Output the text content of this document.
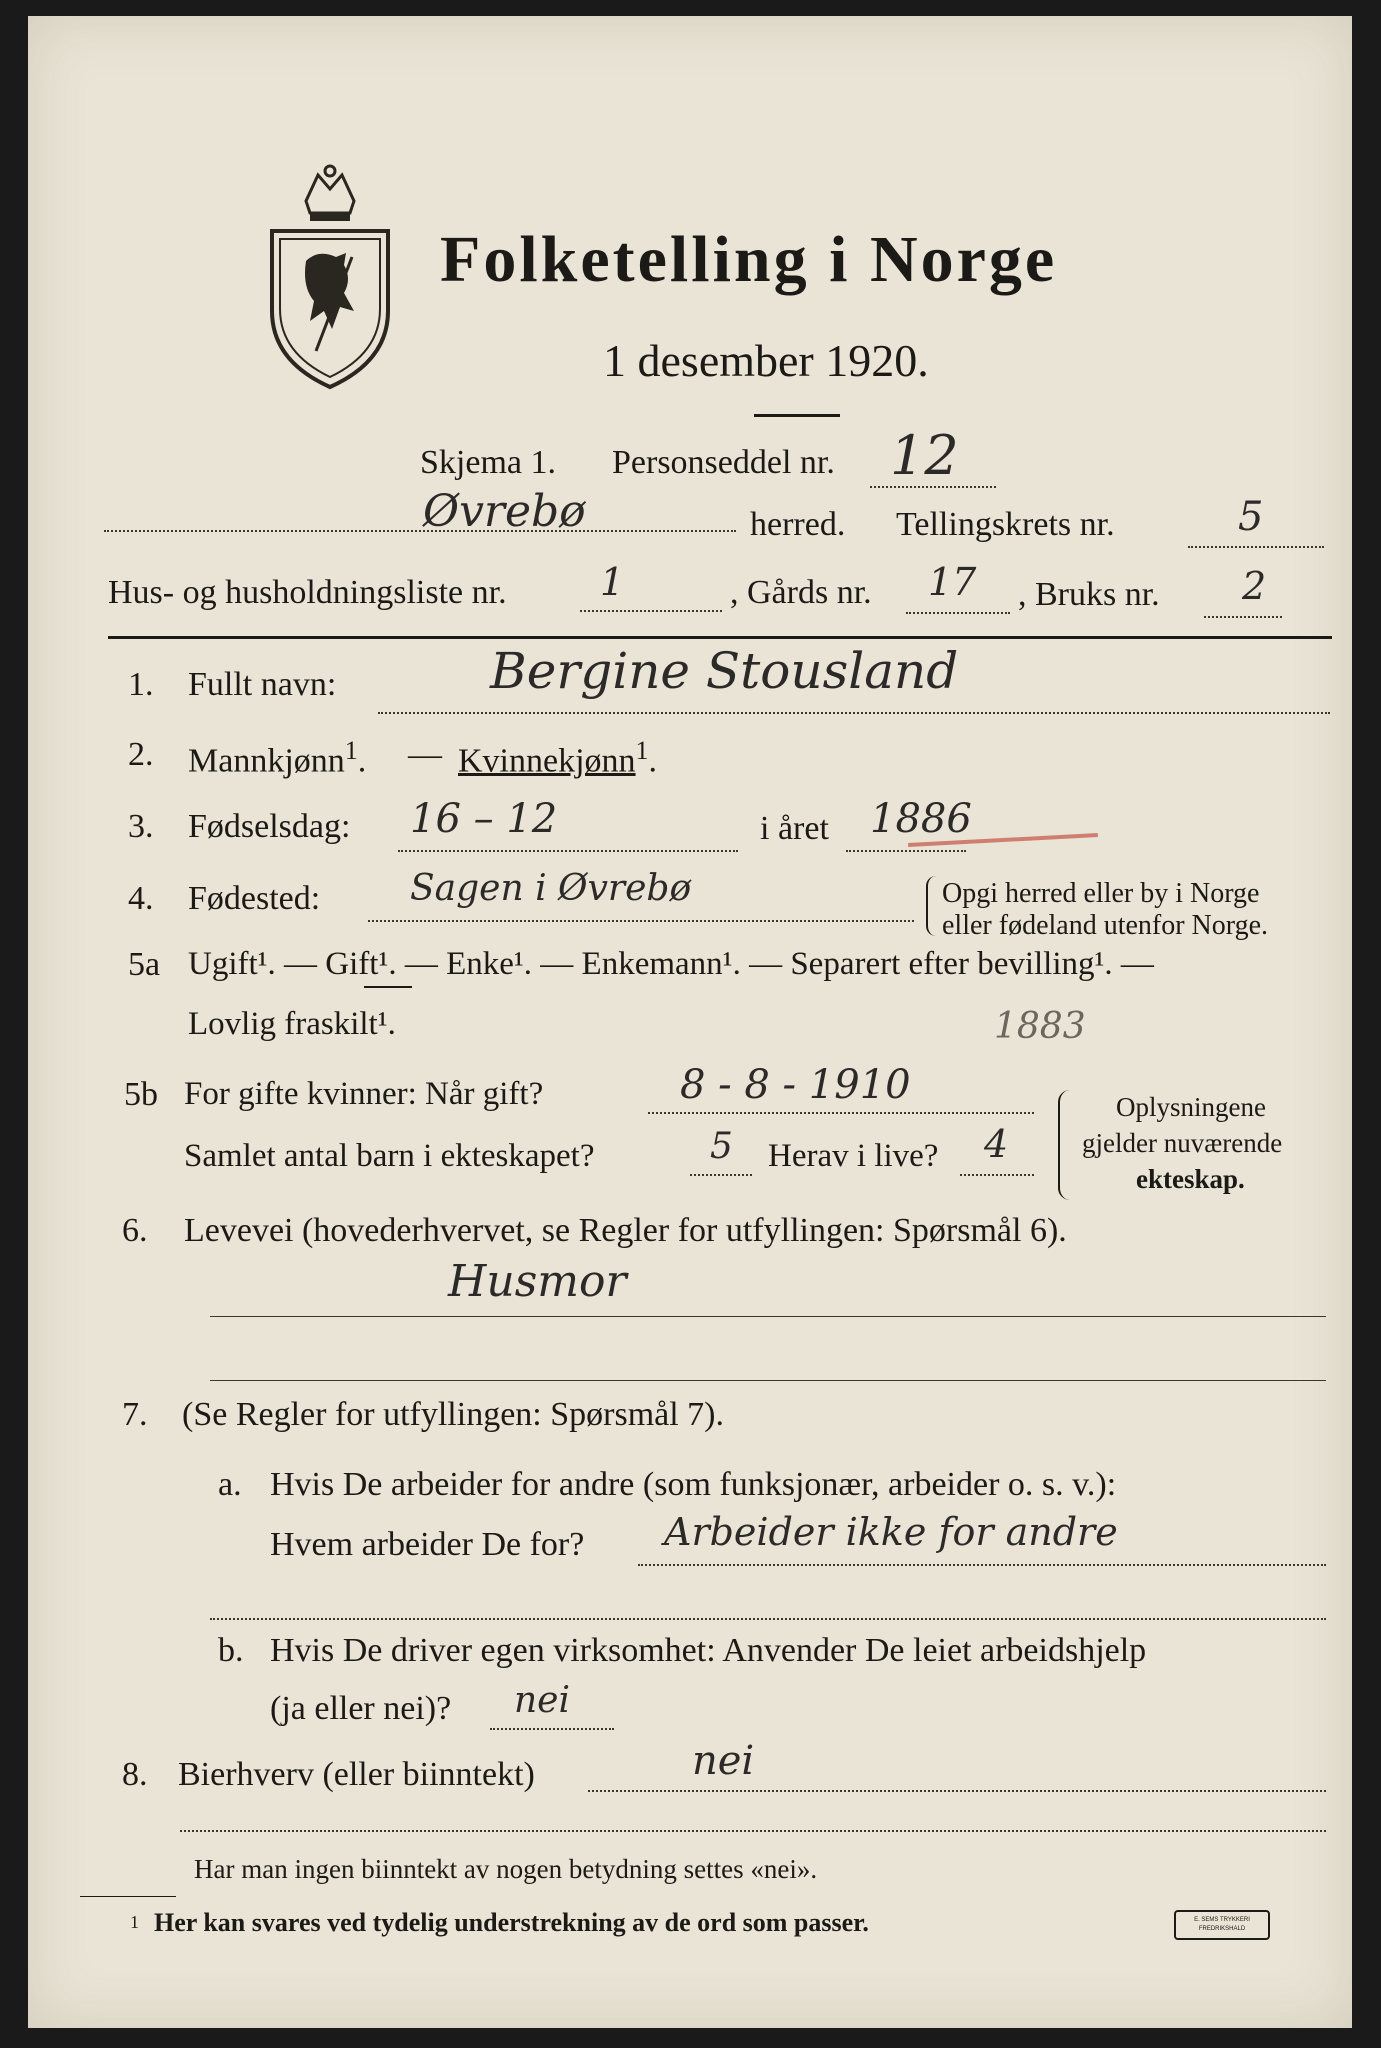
Folketelling i Norge
1 desember 1920.
Skjema 1. Personseddel nr. 12
Øvrebø	herred. Tellingskrets nr.	5
Hus- og husholdningsliste nr. 1	, Gårds nr. 17 , Bruks nr. 2
1. Fullt navn:	Bergine Stousland
2. Mannkjønn$^1$. — Kvinnekjønn$^1$.
3. Fødselsdag: 16 – 12	i året 1886
4. Fødested: Sagen i Øvrebø	Opgi herred eller by i Norge
eller fødeland utenfor Norge.
5a Ugift¹. — Gift¹. — Enke¹. — Enkemann¹. — Separert efter bevilling¹. —
Lovlig fraskilt¹.	1883
5b For gifte kvinner: Når gift?	8 - 8 - 1910
Samlet antal barn i ekteskapet?	5 Herav i live? 4
Oplysningene
gjelder nuværende
ekteskap.
6. Levevei (hovederhvervet, se Regler for utfyllingen: Spørsmål 6).
Husmor
7. (Se Regler for utfyllingen: Spørsmål 7).
a. Hvis De arbeider for andre (som funksjonær, arbeider o. s. v.):
Hvem arbeider De for? Arbeider ikke for andre
b. Hvis De driver egen virksomhet: Anvender De leiet arbeidshjelp
(ja eller nei)? nei
8. Bierhverv (eller biinntekt)	nei
Har man ingen biinntekt av nogen betydning settes «nei».
1 Her kan svares ved tydelig understrekning av de ord som passer.	E. SEMS TRYKKERI FREDRIKSHALD
